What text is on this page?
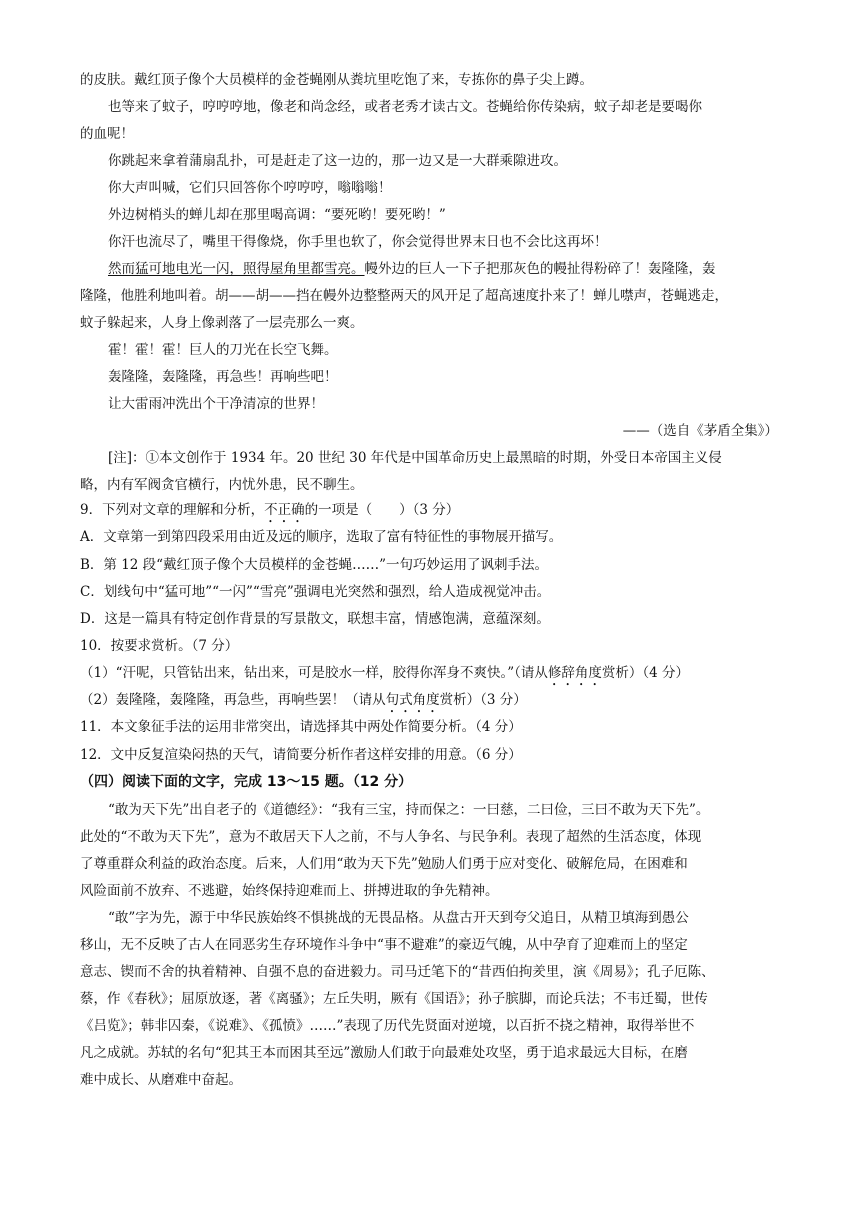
的皮肤。戴红顶子像个大员模样的金苍蝇刚从粪坑里吃饱了来，专拣你的鼻子尖上蹲。
也等来了蚊子，哼哼哼地，像老和尚念经，或者老秀才读古文。苍蝇给你传染病，蚊子却老是要喝你
的血呢！
你跳起来拿着蒲扇乱扑，可是赶走了这一边的，那一边又是一大群乘隙进攻。
你大声叫喊，它们只回答你个哼哼哼，嗡嗡嗡！
外边树梢头的蝉儿却在那里喝高调：“要死哟！要死哟！”
你汗也流尽了，嘴里干得像烧，你手里也软了，你会觉得世界末日也不会比这再坏！
然而猛可地电光一闪，照得屋角里都雪亮。幔外边的巨人一下子把那灰色的幔扯得粉碎了！轰隆隆，轰
隆隆，他胜利地叫着。胡——胡——挡在幔外边整整两天的风开足了超高速度扑来了！蝉儿噤声，苍蝇逃走，
蚊子躲起来，人身上像剥落了一层壳那么一爽。
霍！霍！霍！巨人的刀光在长空飞舞。
轰隆隆，轰隆隆，再急些！再响些吧！
让大雷雨冲洗出个干净清凉的世界！
——（选自《茅盾全集》）
[注]：①本文创作于 1934 年。20 世纪 30 年代是中国革命历史上最黑暗的时期，外受日本帝国主义侵
略，内有军阀贪官横行，内忧外患，民不聊生。
9．下列对文章的理解和分析，不正确的一项是（　　）（3 分）
A．文章第一到第四段采用由近及远的顺序，选取了富有特征性的事物展开描写。
B．第 12 段“戴红顶子像个大员模样的金苍蝇……”一句巧妙运用了讽刺手法。
C．划线句中“猛可地”“一闪”“雪亮”强调电光突然和强烈，给人造成视觉冲击。
D．这是一篇具有特定创作背景的写景散文，联想丰富，情感饱满，意蕴深刻。
10．按要求赏析。（7 分）
（1）“汗呢，只管钻出来，钻出来，可是胶水一样，胶得你浑身不爽快。”（请从修辞角度赏析）（4 分）
（2）轰隆隆，轰隆隆，再急些，再响些罢！（请从句式角度赏析）（3 分）
11．本文象征手法的运用非常突出，请选择其中两处作简要分析。（4 分）
12．文中反复渲染闷热的天气，请简要分析作者这样安排的用意。（6 分）
（四）阅读下面的文字，完成 13～15 题。（12 分）
“敢为天下先”出自老子的《道德经》：“我有三宝，持而保之：一曰慈，二曰俭，三曰不敢为天下先”。
此处的“不敢为天下先”，意为不敢居天下人之前，不与人争名、与民争利。表现了超然的生活态度，体现
了尊重群众利益的政治态度。后来，人们用“敢为天下先”勉励人们勇于应对变化、破解危局，在困难和
风险面前不放弃、不逃避，始终保持迎难而上、拼搏进取的争先精神。
“敢”字为先，源于中华民族始终不惧挑战的无畏品格。从盘古开天到夸父追日，从精卫填海到愚公
移山，无不反映了古人在同恶劣生存环境作斗争中“事不避难”的豪迈气魄，从中孕育了迎难而上的坚定
意志、锲而不舍的执着精神、自强不息的奋进毅力。司马迁笔下的“昔西伯拘羑里，演《周易》；孔子厄陈、
蔡，作《春秋》；屈原放逐，著《离骚》；左丘失明，厥有《国语》；孙子膑脚，而论兵法；不韦迁蜀，世传
《吕览》；韩非囚秦，《说难》、《孤愤》……”表现了历代先贤面对逆境，以百折不挠之精神，取得举世不
凡之成就。苏轼的名句“犯其王本而困其至远”激励人们敢于向最难处攻坚，勇于追求最远大目标，在磨
难中成长、从磨难中奋起。
